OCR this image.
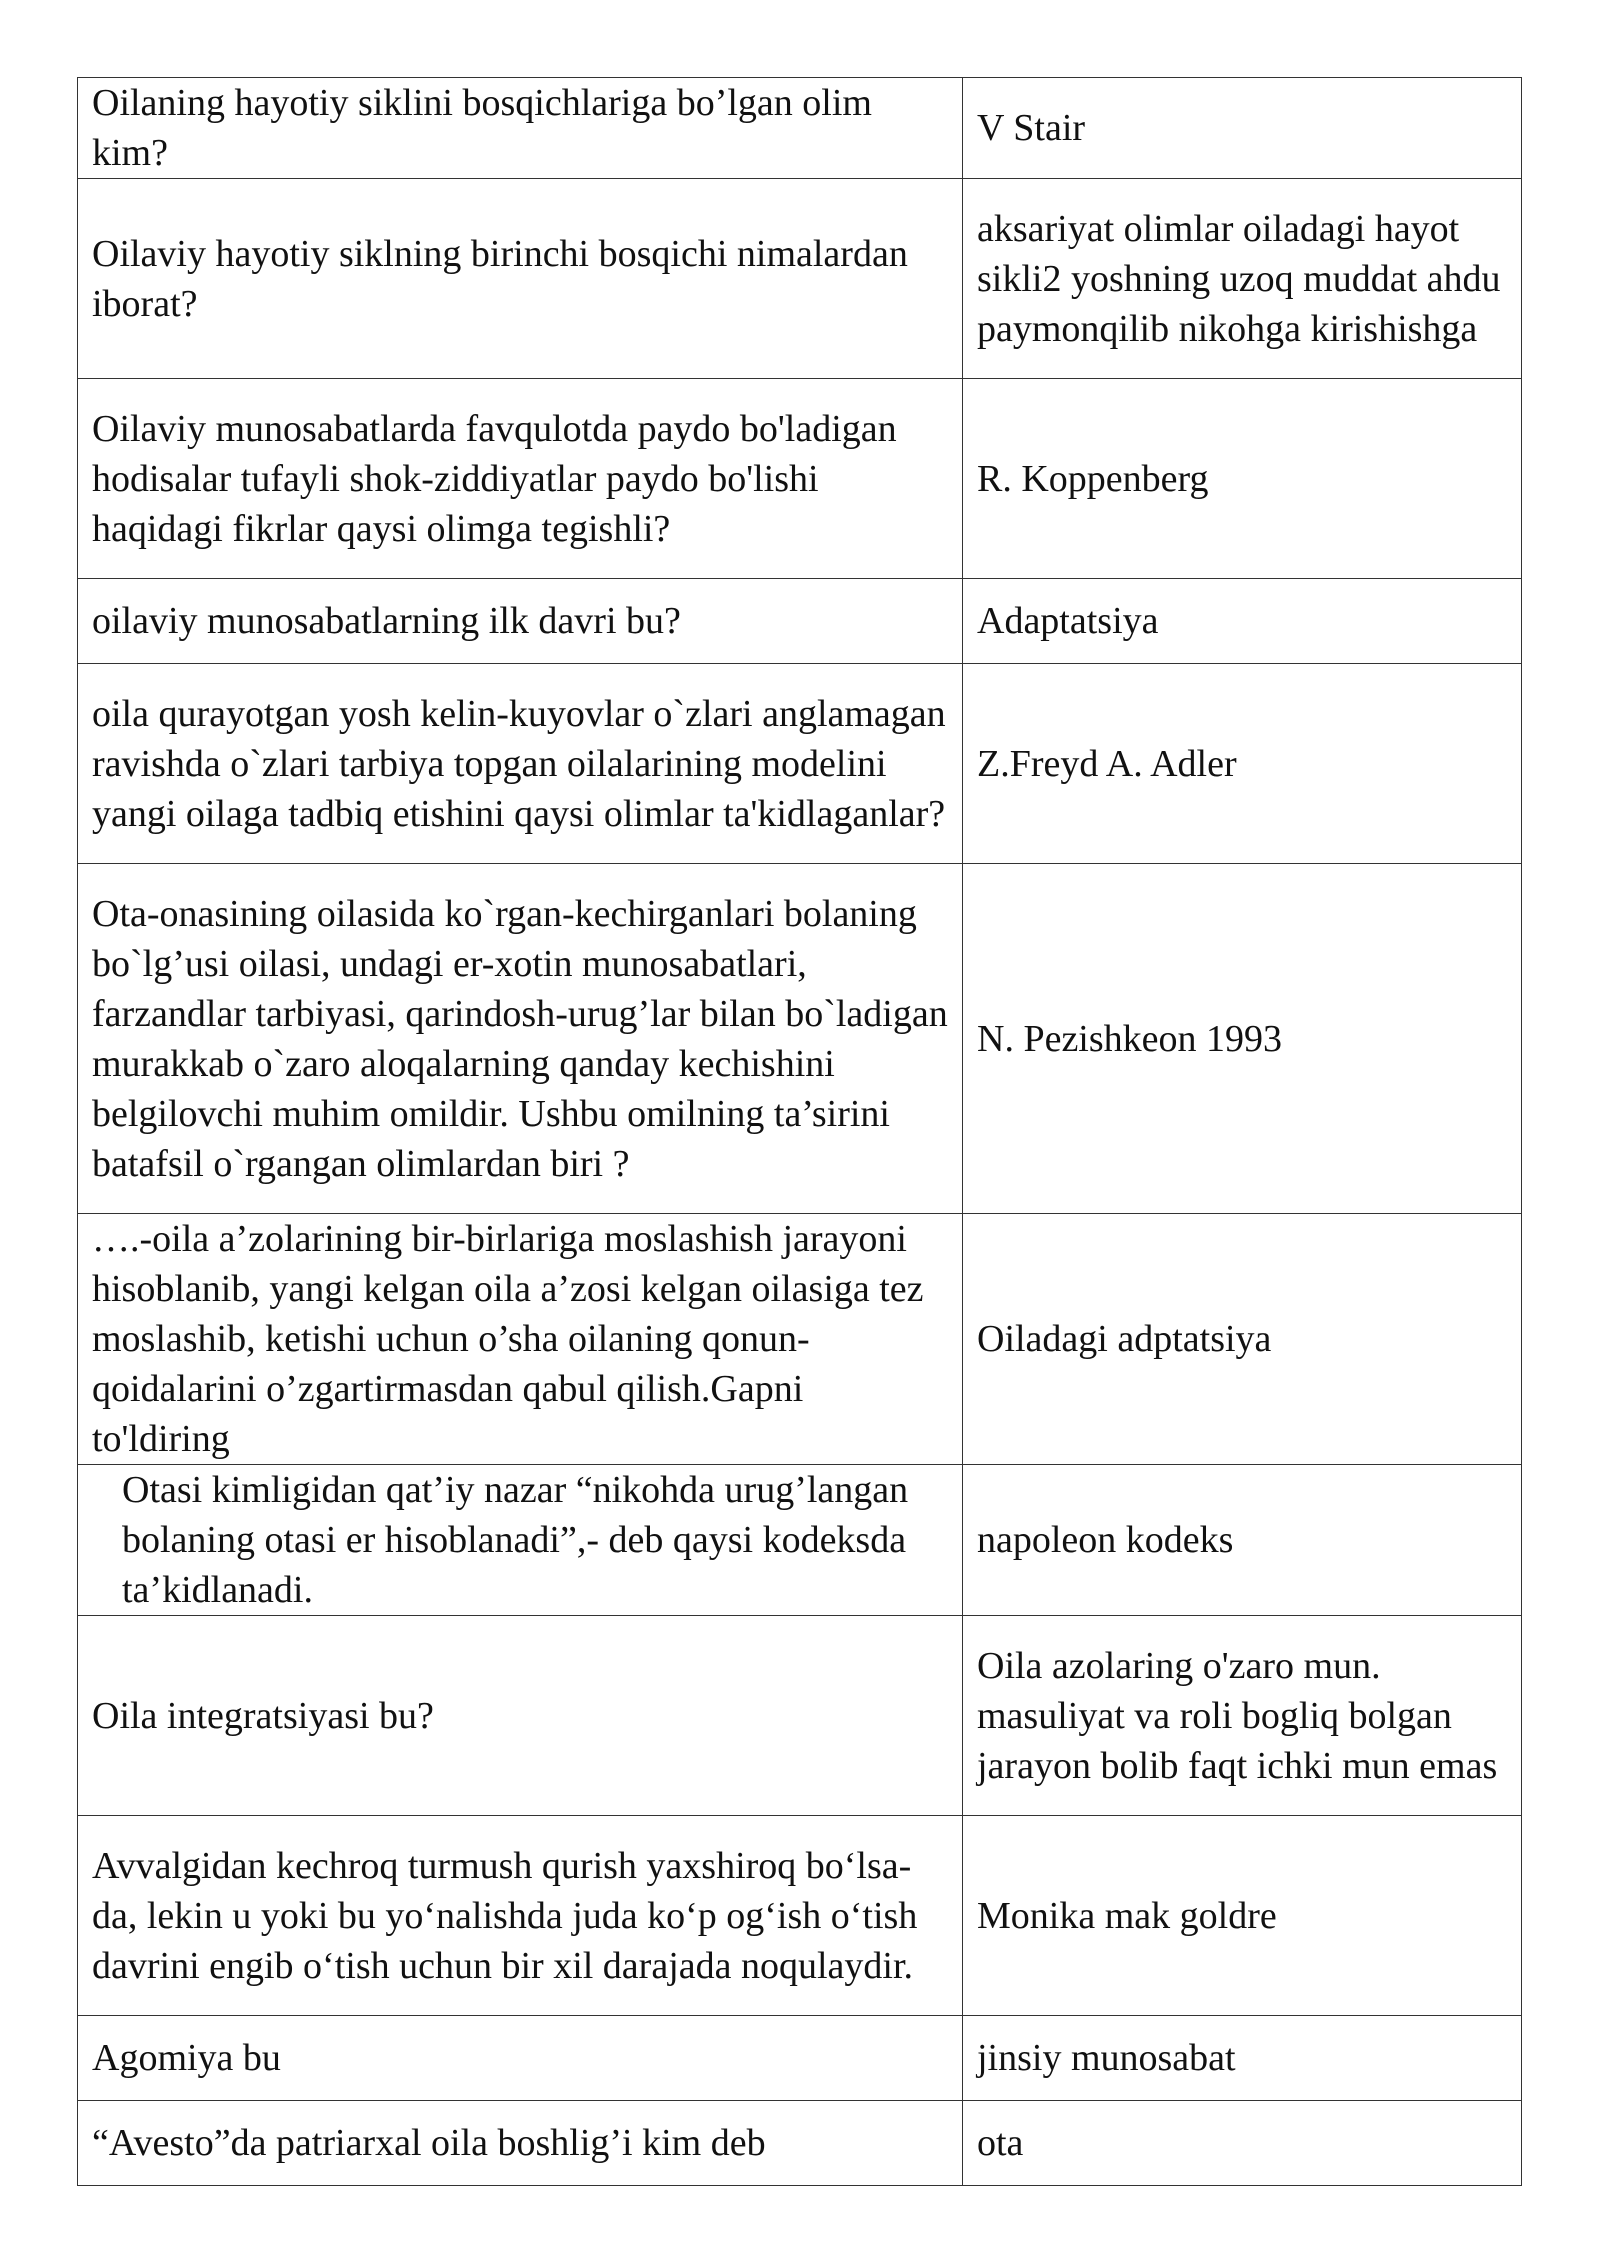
Oilaning hayotiy siklini bosqichlariga bo’lgan olim kim?	V Stair
Oilaviy hayotiy siklning birinchi bosqichi nimalardan iborat?	aksariyat olimlar oiladagi hayot sikli2 yoshning uzoq muddat ahdu paymonqilib nikohga kirishishga
Oilaviy munosabatlarda favqulotda paydo bo'ladigan hodisalar tufayli shok-ziddiyatlar paydo bo'lishi haqidagi fikrlar qaysi olimga tegishli?	R. Koppenberg
oilaviy munosabatlarning ilk davri bu?	Adaptatsiya
oila qurayotgan yosh kelin-kuyovlar o`zlari anglamagan ravishda o`zlari tarbiya topgan oilalarining modelini yangi oilaga tadbiq etishini qaysi olimlar ta'kidlaganlar?	Z.Freyd A. Adler
Ota-onasining oilasida ko`rgan-kechirganlari bolaning bo`lg’usi oilasi, undagi er-xotin munosabatlari, farzandlar tarbiyasi, qarindosh-urug’lar bilan bo`ladigan murakkab o`zaro aloqalarning qanday kechishini belgilovchi muhim omildir. Ushbu omilning ta’sirini batafsil o`rgangan olimlardan biri ?	N. Pezishkeon 1993
….-oila a’zolarining bir-birlariga moslashish jarayoni hisoblanib, yangi kelgan oila a’zosi kelgan oilasiga tez moslashib, ketishi uchun o’sha oilaning qonun-qoidalarini o’zgartirmasdan qabul qilish.Gapni to'ldiring	Oiladagi adptatsiya
Otasi kimligidan qat’iy nazar “nikohda urug’langan bolaning otasi er hisoblanadi”,- deb qaysi kodeksda ta’kidlanadi.	napoleon kodeks
Oila integratsiyasi bu?	Oila azolaring o'zaro mun. masuliyat va roli bogliq bolgan jarayon bolib faqt ichki mun emas
Avvalgidan kechroq turmush qurish yaxshiroq bo‘lsa-da, lekin u yoki bu yo‘nalishda juda ko‘p og‘ish o‘tish davrini engib o‘tish uchun bir xil darajada noqulaydir.	Monika mak goldre
Agomiya bu	jinsiy munosabat
“Avesto”da patriarxal oila boshlig’i kim deb	ota
